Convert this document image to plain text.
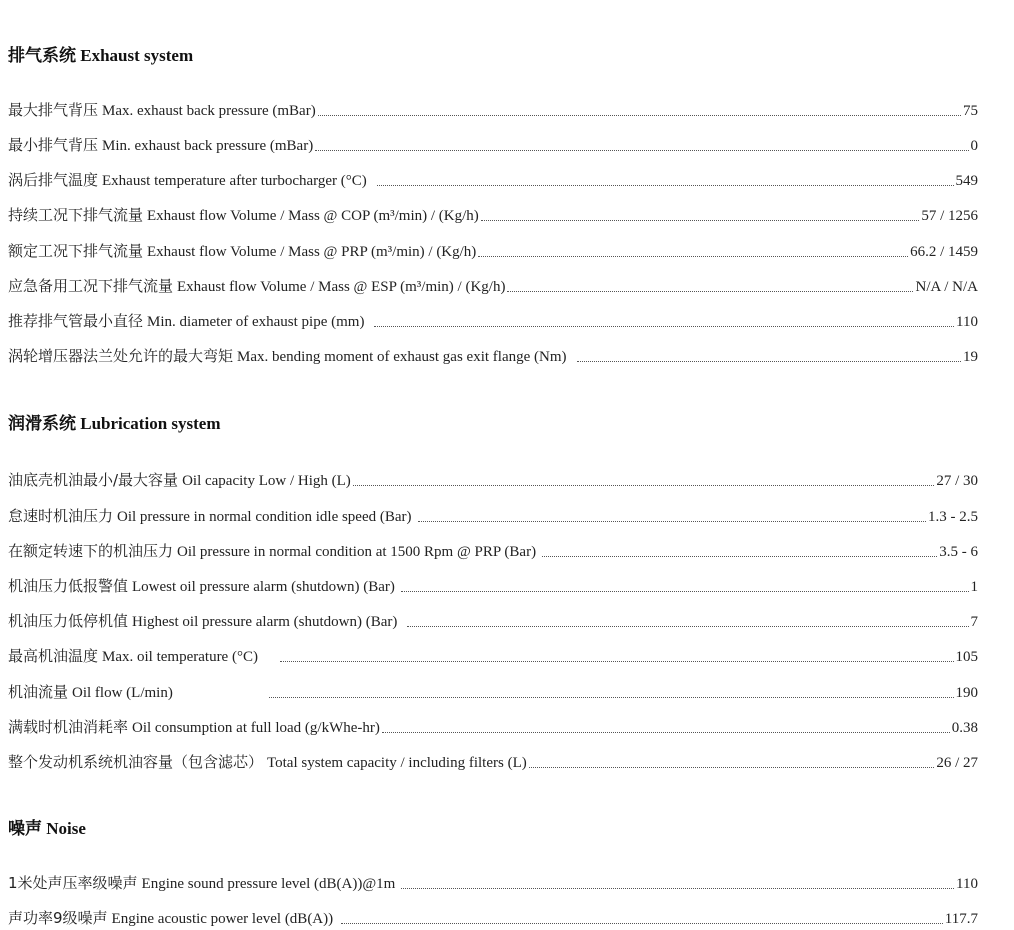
排气系统 Exhaust system
最大排气背压 Max. exhaust back pressure (mBar)	75
最小排气背压 Min. exhaust back pressure (mBar)	0
涡后排气温度 Exhaust temperature after turbocharger (°C)	549
持续工况下排气流量 Exhaust flow Volume / Mass @ COP (m³/min) / (Kg/h)	57 / 1256
额定工况下排气流量 Exhaust flow Volume / Mass @ PRP (m³/min) / (Kg/h)	66.2 / 1459
应急备用工况下排气流量 Exhaust flow Volume / Mass @ ESP (m³/min) / (Kg/h)	N/A / N/A
推荐排气管最小直径 Min. diameter of exhaust pipe (mm)	110
涡轮增压器法兰处允许的最大弯矩 Max. bending moment of exhaust gas exit flange (Nm)	19
润滑系统 Lubrication system
油底壳机油最小/最大容量 Oil capacity Low / High (L)	27 / 30
怠速时机油压力 Oil pressure in normal condition idle speed (Bar)	1.3 - 2.5
在额定转速下的机油压力 Oil pressure in normal condition at 1500 Rpm @ PRP (Bar)	3.5 - 6
机油压力低报警值 Lowest oil pressure alarm (shutdown) (Bar)	1
机油压力低停机值 Highest oil pressure alarm (shutdown) (Bar)	7
最高机油温度 Max. oil temperature (°C)	105
机油流量 Oil flow (L/min)	190
满载时机油消耗率 Oil consumption at full load (g/kWhe-hr)	0.38
整个发动机系统机油容量（包含滤芯） Total system capacity / including filters (L)	26 / 27
噪声 Noise
1米处声压率级噪声 Engine sound pressure level (dB(A))@1m	110
声功率9级噪声 Engine acoustic power level (dB(A))	117.7
